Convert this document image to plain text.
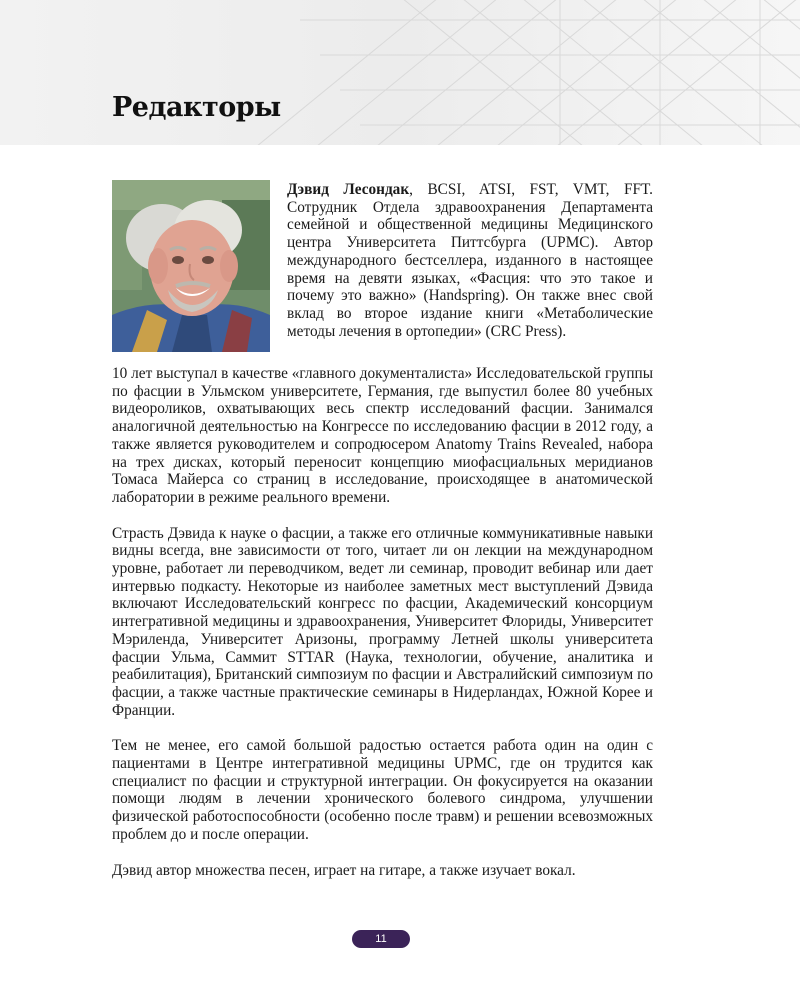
Редакторы

Дэвид Лесондак, BCSI, ATSI, FST, VMT, FFT. Сотрудник Отдела здравоохранения Департамента семейной и общественной медицины Медицинского центра Университета Питтсбурга (UPMC). Автор международного бестселлера, изданного в настоящее время на девяти языках, «Фасция: что это такое и почему это важно» (Handspring). Он также внес свой вклад во второе издание книги «Метаболические методы лечения в ортопедии» (CRC Press).

10 лет выступал в качестве «главного документалиста» Исследовательской группы по фасции в Ульмском университете, Германия, где выпустил более 80 учебных видеороликов, охватывающих весь спектр исследований фасции. Занимался аналогичной деятельностью на Конгрессе по исследованию фасции в 2012 году, а также является руководителем и сопродюсером Anatomy Trains Revealed, набора на трех дисках, который переносит концепцию миофасциальных меридианов Томаса Майерса со страниц в исследование, происходящее в анатомической лаборатории в режиме реального времени.

Страсть Дэвида к науке о фасции, а также его отличные коммуникативные навыки видны всегда, вне зависимости от того, читает ли он лекции на международном уровне, работает ли переводчиком, ведет ли семинар, проводит вебинар или дает интервью подкасту. Некоторые из наиболее заметных мест выступлений Дэвида включают Исследовательский конгресс по фасции, Академический консорциум интегративной медицины и здравоохранения, Университет Флориды, Университет Мэриленда, Университет Аризоны, программу Летней школы университета фасции Ульма, Саммит STTAR (Наука, технологии, обучение, аналитика и реабилитация), Британский симпозиум по фасции и Австралийский симпозиум по фасции, а также частные практические семинары в Нидерландах, Южной Корее и Франции.

Тем не менее, его самой большой радостью остается работа один на один с пациентами в Центре интегративной медицины UPMC, где он трудится как специалист по фасции и структурной интеграции. Он фокусируется на оказании помощи людям в лечении хронического болевого синдрома, улучшении физической работоспособности (особенно после травм) и решении всевозможных проблем до и после операции.

Дэвид автор множества песен, играет на гитаре, а также изучает вокал.

11
